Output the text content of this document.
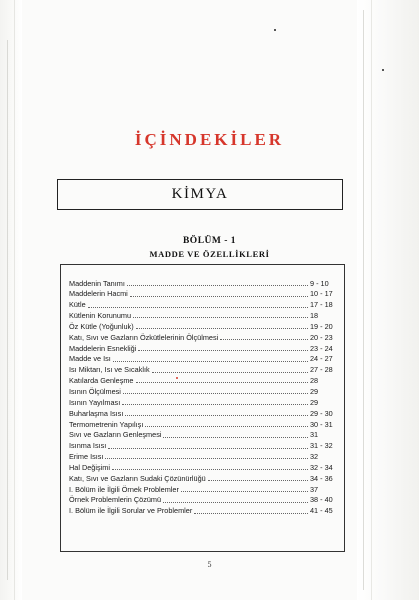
İÇİNDEKİLER
KİMYA
BÖLÜM - 1
MADDE VE ÖZELLİKLERİ
Maddenin Tanımı	9 - 10
Maddelerin Hacmi	10 - 17
Kütle	17 - 18
Kütlenin Korunumu	18
Öz Kütle (Yoğunluk)	19 - 20
Katı, Sıvı ve Gazların Özkütlelerinin Ölçülmesi	20 - 23
Maddelerin Esnekliği	23 - 24
Madde ve Isı	24 - 27
Isı Miktarı, Isı ve Sıcaklık	27 - 28
Katılarda Genleşme	28
Isının Ölçülmesi	29
Isının Yayılması	29
Buharlaşma Isısı	29 - 30
Termometrenin Yapılışı	30 - 31
Sıvı ve Gazların Genleşmesi	31
Isınma Isısı	31 - 32
Erime Isısı	32
Hal Değişimi	32 - 34
Katı, Sıvı ve Gazların Sudaki Çözünürlüğü	34 - 36
I. Bölüm ile İlgili Örnek Problemler	37
Örnek Problemlerin Çözümü	38 - 40
I. Bölüm ile İlgili Sorular ve Problemler	41 - 45
5
